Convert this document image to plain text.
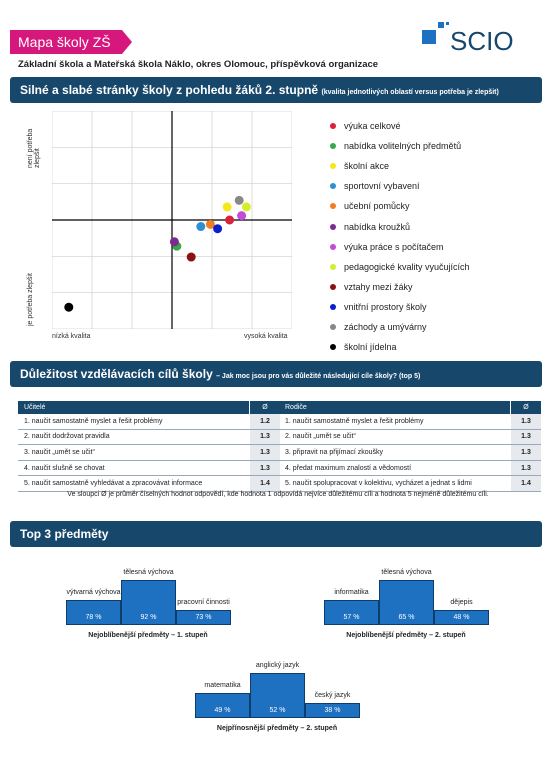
Mapa školy ZŠ
Základní škola a Mateřská škola Náklo, okres Olomouc, příspěvková organizace
SCIO
Silné a slabé stránky školy z pohledu žáků 2. stupně (kvalita jednotlivých oblastí versus potřeba je zlepšit)
není potřeba zlepšit
je potřeba zlepšit
nízká kvalita	vysoká kvalita
výuka celkové
nabídka volitelných předmětů
školní akce
sportovní vybavení
učební pomůcky
nabídka kroužků
výuka práce s počítačem
pedagogické kvality vyučujících
vztahy mezi žáky
vnitřní prostory školy
záchody a umývárny
školní jídelna
Důležitost vzdělávacích cílů školy – Jak moc jsou pro vás důležité následující cíle školy? (top 5)
Učitelé	Ø
1. naučit samostatně myslet a řešit problémy	1.2
2. naučit dodržovat pravidla	1.3
3. naučit „umět se učit“	1.3
4. naučit slušně se chovat	1.3
5. naučit samostatně vyhledávat a zpracovávat informace	1.4
Rodiče	Ø
1. naučit samostatně myslet a řešit problémy	1.3
2. naučit „umět se učit“	1.3
3. připravit na přijímací zkoušky	1.3
4. předat maximum znalostí a vědomostí	1.3
5. naučit spolupracovat v kolektivu, vycházet a jednat s lidmi	1.4
Ve sloupci Ø je průměr číselných hodnot odpovědí, kde hodnota 1 odpovídá nejvíce důležitému cíli a hodnota 5 nejméně důležitému cíli.
Top 3 předměty
78 %
výtvarná výchova
92 %
tělesná výchova
73 %
pracovní činnosti
Nejoblíbenější předměty – 1. stupeň
57 %
informatika
65 %
tělesná výchova
48 %
dějepis
Nejoblíbenější předměty – 2. stupeň
49 %
matematika
52 %
anglický jazyk
38 %
český jazyk
Nejpřínosnější předměty – 2. stupeň
